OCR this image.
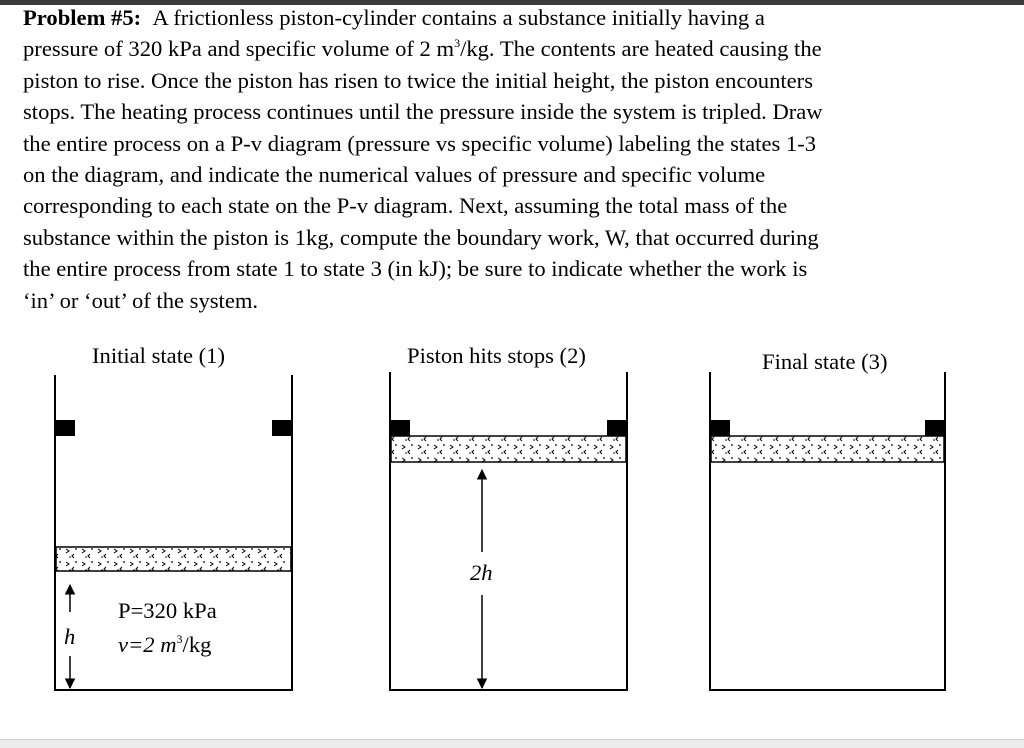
Problem #5: A frictionless piston-cylinder contains a substance initially having a
pressure of 320 kPa and specific volume of 2 $m^3/kg$. The contents are heated causing the
piston to rise. Once the piston has risen to twice the initial height, the piston encounters
stops. The heating process continues until the pressure inside the system is tripled. Draw
the entire process on a P-v diagram (pressure vs specific volume) labeling the states 1-3
on the diagram, and indicate the numerical values of pressure and specific volume
corresponding to each state on the P-v diagram. Next, assuming the total mass of the
substance within the piston is 1kg, compute the boundary work, W, that occurred during
the entire process from state 1 to state 3 (in kJ); be sure to indicate whether the work is
‘in’ or ‘out’ of the system.
Initial state (1)	Piston hits stops (2)	Final state (3)
P=320 kPa
v=2 $m^3/kg$
h
2h
